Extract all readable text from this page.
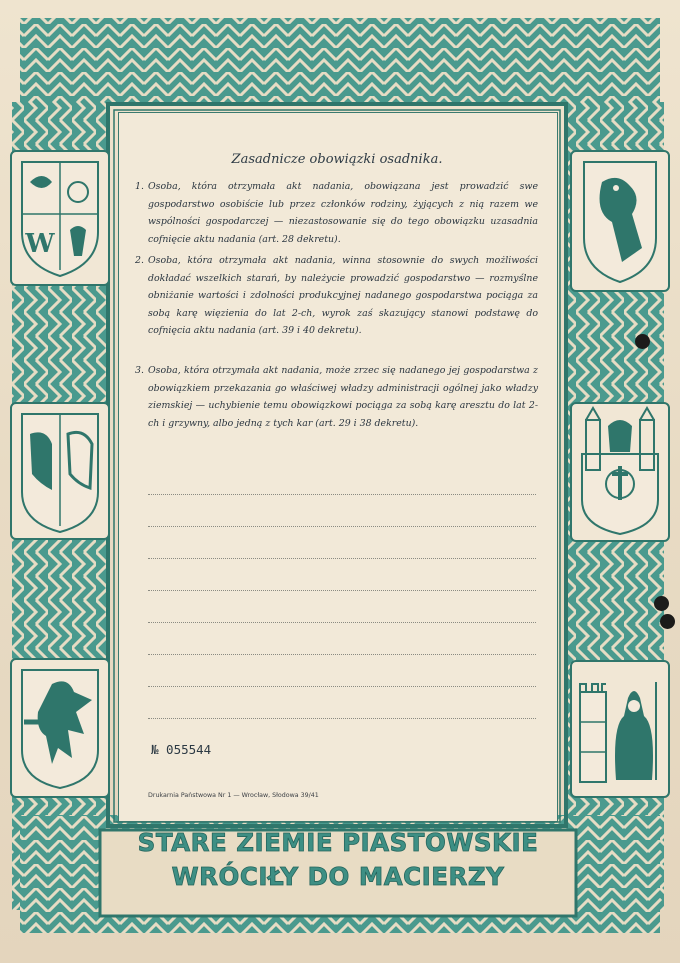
W
Zasadnicze obowiązki osadnika.
1. Osoba, która otrzymała akt nadania, obowiązana jest prowadzić swe gospodarstwo osobiście lub przez członków rodziny, żyjących z nią razem we wspólności gospodarczej — niezastosowanie się do tego obowiązku uzasadnia cofnięcie aktu nadania (art. 28 dekretu).
2. Osoba, która otrzymała akt nadania, winna stosownie do swych możliwości dokładać wszelkich starań, by należycie prowadzić gospodarstwo — rozmyślne obniżanie wartości i zdolności produkcyjnej nadanego gospodarstwa pociąga za sobą karę więzienia do lat 2-ch, wyrok zaś skazujący stanowi podstawę do cofnięcia aktu nadania (art. 39 i 40 dekretu).
3. Osoba, która otrzymała akt nadania, może zrzec się nadanego jej gospodarstwa z obowiązkiem przekazania go właściwej władzy administracji ogólnej jako władzy ziemskiej — uchybienie temu obowiązkowi pociąga za sobą karę aresztu do lat 2-ch i grzywny, albo jedną z tych kar (art. 29 i 38 dekretu).
№ 055544
Drukarnia Państwowa Nr 1 — Wrocław, Słodowa 39/41
STARE ZIEMIE PIASTOWSKIE
WRÓCIŁY DO MACIERZY
